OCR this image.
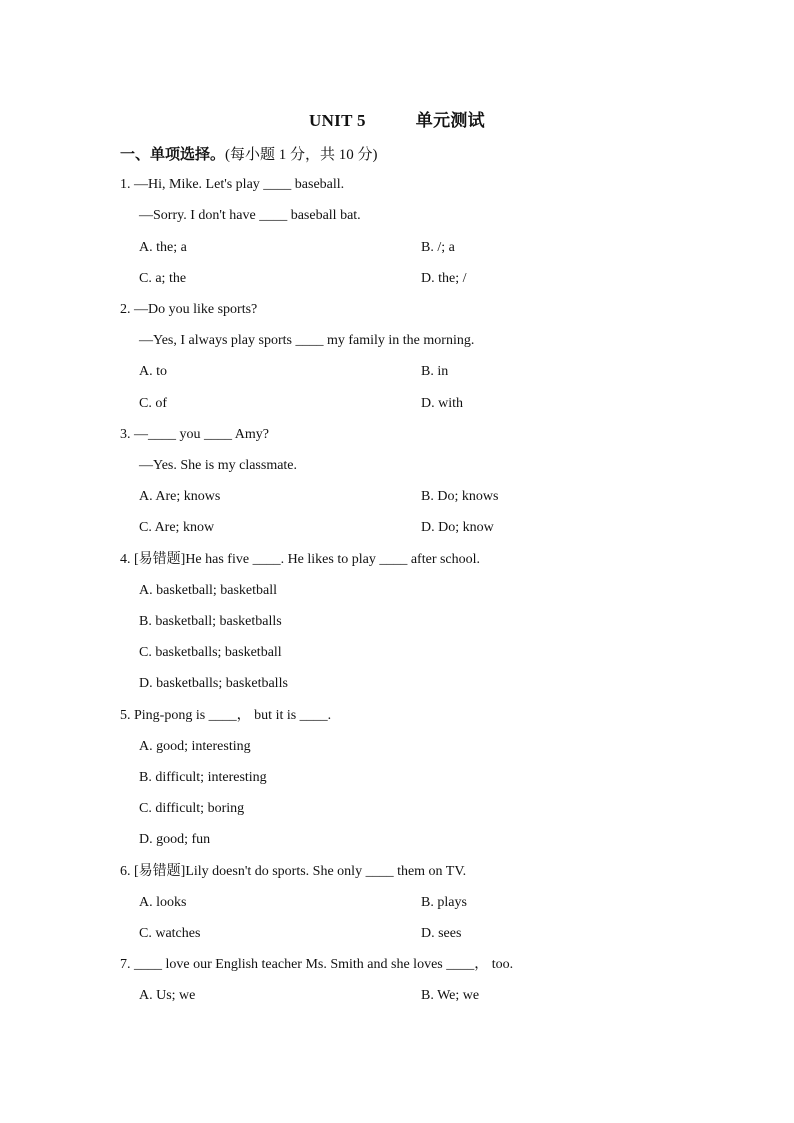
UNIT 5	单元测试
一、单项选择。(每小题 1 分，共 10 分)
1. —Hi, Mike. Let's play ____ baseball.
—Sorry. I don't have ____ baseball bat.
A. the; a	B. /; a
C. a; the	D. the; /
2. —Do you like sports?
—Yes, I always play sports ____ my family in the morning.
A. to	B. in
C. of	D. with
3. —____ you ____ Amy?
—Yes. She is my classmate.
A. Are; knows	B. Do; knows
C. Are; know	D. Do; know
4. [易错题]He has five ____. He likes to play ____ after school.
A. basketball; basketball
B. basketball; basketballs
C. basketballs; basketball
D. basketballs; basketballs
5. Ping-pong is ____， but it is ____.
A. good; interesting
B. difficult; interesting
C. difficult; boring
D. good; fun
6. [易错题]Lily doesn't do sports. She only ____ them on TV.
A. looks	B. plays
C. watches	D. sees
7. ____ love our English teacher Ms. Smith and she loves ____， too.
A. Us; we	B. We; we
